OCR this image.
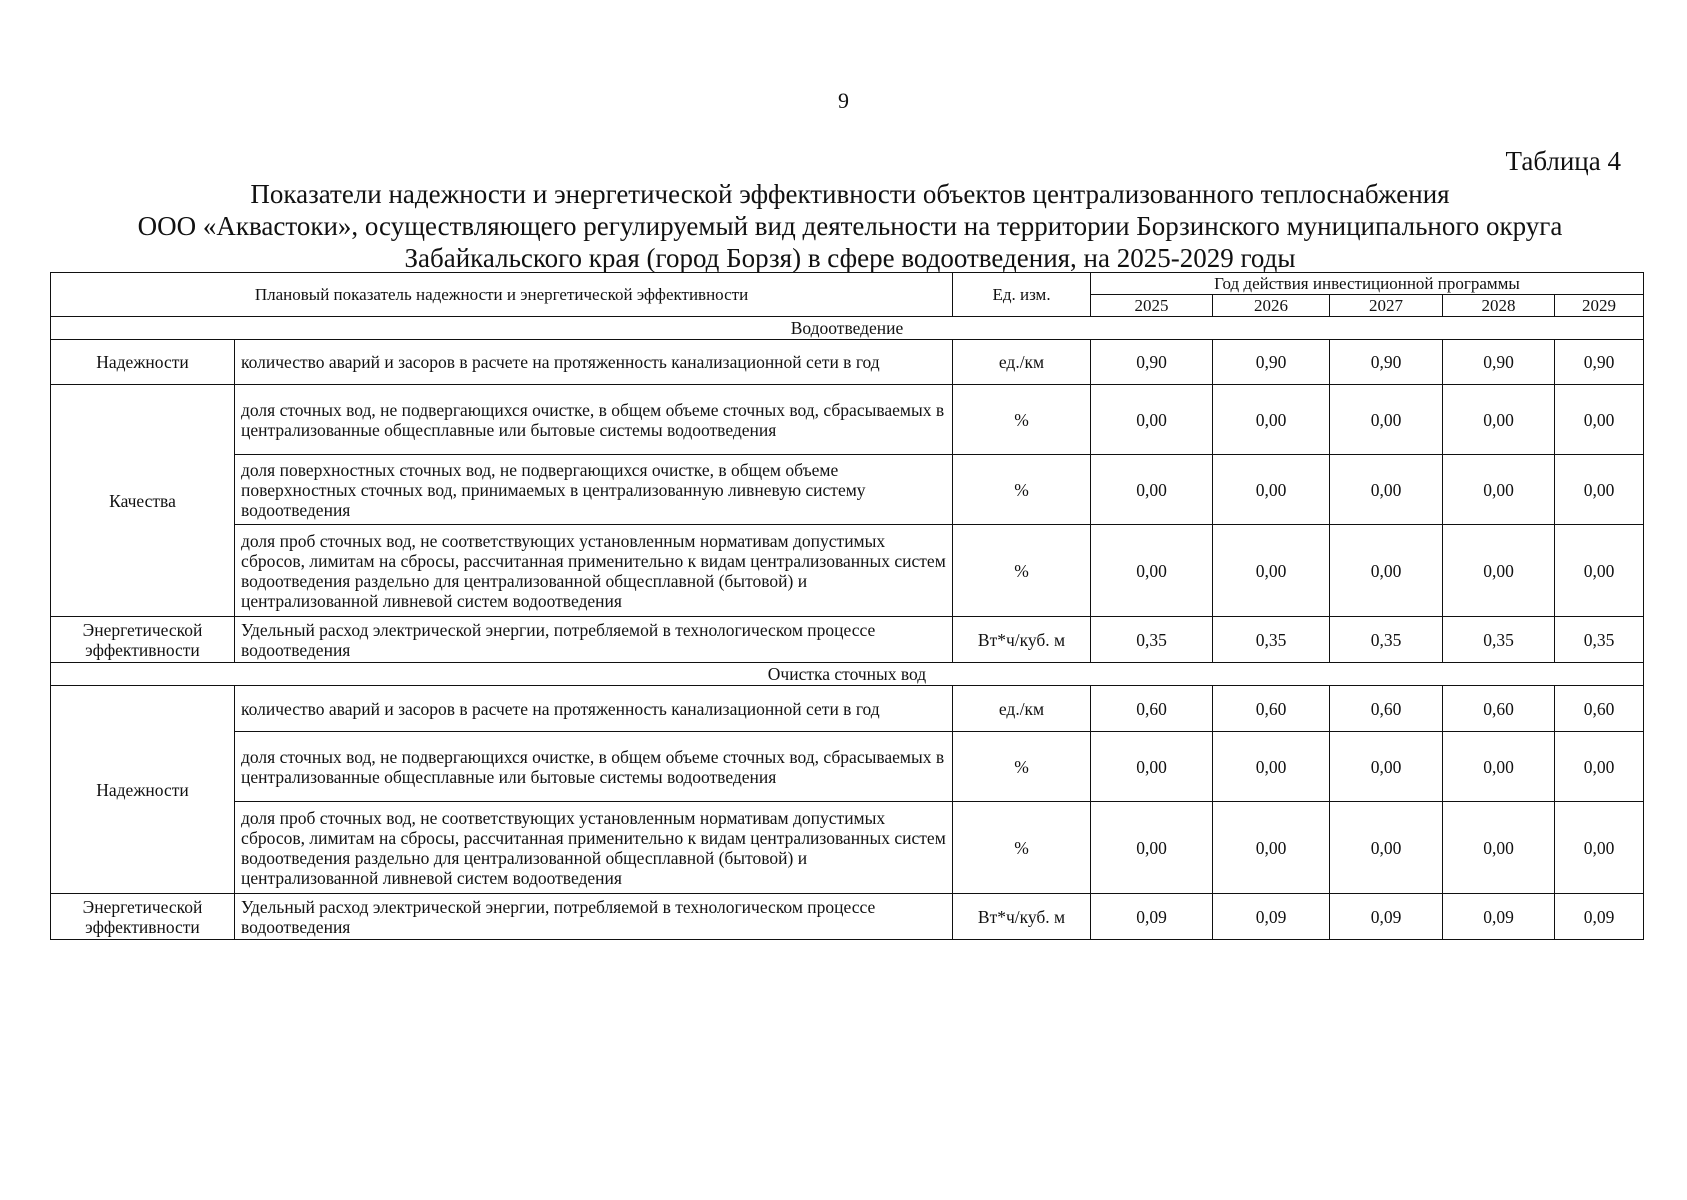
9
Таблица 4
Показатели надежности и энергетической эффективности объектов централизованного теплоснабжения
ООО «Аквастоки», осуществляющего регулируемый вид деятельности на территории Борзинского муниципального округа
Забайкальского края (город Борзя) в сфере водоотведения, на 2025-2029 годы
Плановый показатель надежности и энергетической эффективности		Ед. изм.	Год действия инвестиционной программы				
			2025	2026	2027	2028	2029
Водоотведение							
Надежности	количество аварий и засоров в расчете на протяженность канализационной сети в год	ед./км	0,90	0,90	0,90	0,90	0,90
Качества	доля сточных вод, не подвергающихся очистке, в общем объеме сточных вод, сбрасываемых в централизованные общесплавные или бытовые системы водоотведения	%	0,00	0,00	0,00	0,00	0,00
	доля поверхностных сточных вод, не подвергающихся очистке, в общем объеме поверхностных сточных вод, принимаемых в централизованную ливневую систему водоотведения	%	0,00	0,00	0,00	0,00	0,00
	доля проб сточных вод, не соответствующих установленным нормативам допустимых сбросов, лимитам на сбросы, рассчитанная применительно к видам централизованных систем водоотведения раздельно для централизованной общесплавной (бытовой) и централизованной ливневой систем водоотведения	%	0,00	0,00	0,00	0,00	0,00
Энергетической эффективности	Удельный расход электрической энергии, потребляемой в технологическом процессе водоотведения	Вт*ч/куб. м	0,35	0,35	0,35	0,35	0,35
Очистка сточных вод							
Надежности	количество аварий и засоров в расчете на протяженность канализационной сети в год	ед./км	0,60	0,60	0,60	0,60	0,60
	доля сточных вод, не подвергающихся очистке, в общем объеме сточных вод, сбрасываемых в централизованные общесплавные или бытовые системы водоотведения	%	0,00	0,00	0,00	0,00	0,00
	доля проб сточных вод, не соответствующих установленным нормативам допустимых сбросов, лимитам на сбросы, рассчитанная применительно к видам централизованных систем водоотведения раздельно для централизованной общесплавной (бытовой) и централизованной ливневой систем водоотведения	%	0,00	0,00	0,00	0,00	0,00
Энергетической эффективности	Удельный расход электрической энергии, потребляемой в технологическом процессе водоотведения	Вт*ч/куб. м	0,09	0,09	0,09	0,09	0,09
